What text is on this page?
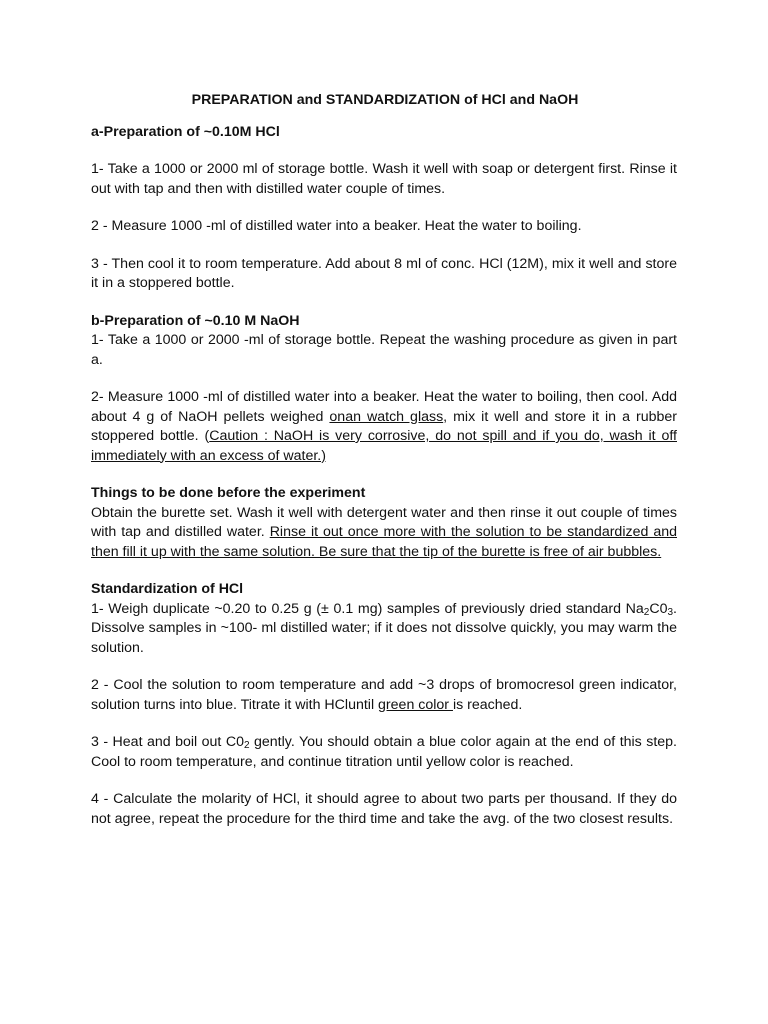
PREPARATION and STANDARDIZATION of HCl and NaOH

a-Preparation of ~0.10M HCl

1- Take a 1000 or 2000 ml of storage bottle. Wash it well with soap or detergent first. Rinse it out with tap and then with distilled water couple of times.

2 - Measure 1000 -ml of distilled water into a beaker. Heat the water to boiling.

3 - Then cool it to room temperature. Add about 8 ml of conc. HCl (12M), mix it well and store it in a stoppered bottle.

b-Preparation of ~0.10 M NaOH

1- Take a 1000 or 2000 -ml of storage bottle. Repeat the washing procedure as given in part a.

2- Measure 1000 -ml of distilled water into a beaker. Heat the water to boiling, then cool. Add about 4 g of NaOH pellets weighed onan watch glass, mix it well and store it in a rubber stoppered bottle. (Caution : NaOH is very corrosive, do not spill and if you do, wash it off immediately with an excess of water.)

Things to be done before the experiment

Obtain the burette set. Wash it well with detergent water and then rinse it out couple of times with tap and distilled water. Rinse it out once more with the solution to be standardized and then fill it up with the same solution. Be sure that the tip of the burette is free of air bubbles.

Standardization of HCl

1- Weigh duplicate ~0.20 to 0.25 g (± 0.1 mg) samples of previously dried standard $Na_2C0_3$. Dissolve samples in ~100- ml distilled water; if it does not dissolve quickly, you may warm the solution.

2 - Cool the solution to room temperature and add ~3 drops of bromocresol green indicator, solution turns into blue. Titrate it with HCluntil green color is reached.

3 - Heat and boil out $C0_2$ gently. You should obtain a blue color again at the end of this step. Cool to room temperature, and continue titration until yellow color is reached.

4 - Calculate the molarity of HCl, it should agree to about two parts per thousand. If they do not agree, repeat the procedure for the third time and take the avg. of the two closest results.
